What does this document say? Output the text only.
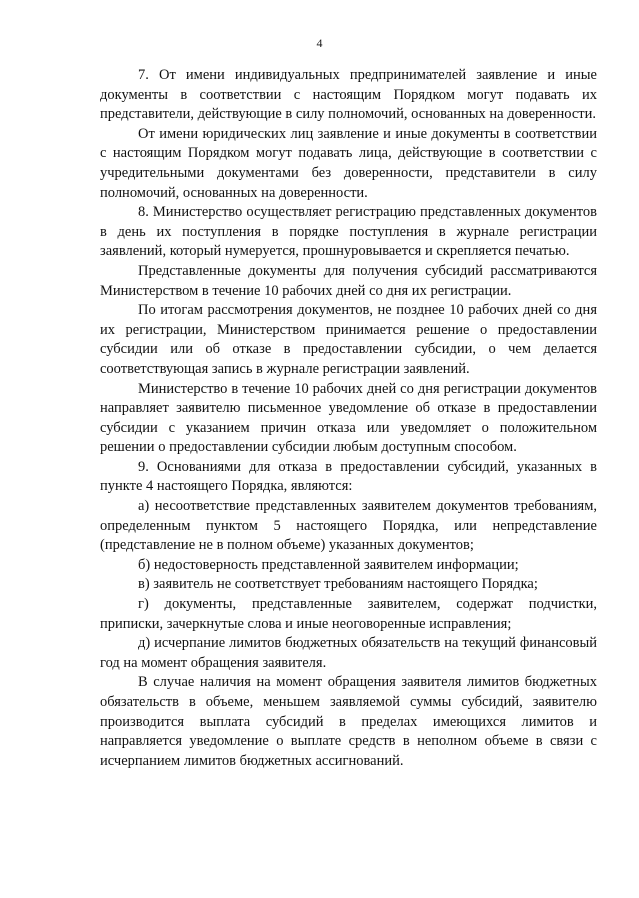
4

7. От имени индивидуальных предпринимателей заявление и иные документы в соответствии с настоящим Порядком могут подавать их представители, действующие в силу полномочий, основанных на доверенности.

От имени юридических лиц заявление и иные документы в соответствии с настоящим Порядком могут подавать лица, действующие в соответствии с учредительными документами без доверенности, представители в силу полномочий, основанных на доверенности.

8. Министерство осуществляет регистрацию представленных документов в день их поступления в порядке поступления в журнале регистрации заявлений, который нумеруется, прошнуровывается и скрепляется печатью.

Представленные документы для получения субсидий рассматриваются Министерством в течение 10 рабочих дней со дня их регистрации.

По итогам рассмотрения документов, не позднее 10 рабочих дней со дня их регистрации, Министерством принимается решение о предоставлении субсидии или об отказе в предоставлении субсидии, о чем делается соответствующая запись в журнале регистрации заявлений.

Министерство в течение 10 рабочих дней со дня регистрации документов направляет заявителю письменное уведомление об отказе в предоставлении субсидии с указанием причин отказа или уведомляет о положительном решении о предоставлении субсидии любым доступным способом.

9. Основаниями для отказа в предоставлении субсидий, указанных в пункте 4 настоящего Порядка, являются:

а) несоответствие представленных заявителем документов требованиям, определенным пунктом 5 настоящего Порядка, или непредставление (представление не в полном объеме) указанных документов;

б) недостоверность представленной заявителем информации;

в) заявитель не соответствует требованиям настоящего Порядка;

г) документы, представленные заявителем, содержат подчистки, приписки, зачеркнутые слова и иные неоговоренные исправления;

д) исчерпание лимитов бюджетных обязательств на текущий финансовый год на момент обращения заявителя.

В случае наличия на момент обращения заявителя лимитов бюджетных обязательств в объеме, меньшем заявляемой суммы субсидий, заявителю производится выплата субсидий в пределах имеющихся лимитов и направляется уведомление о выплате средств в неполном объеме в связи с исчерпанием лимитов бюджетных ассигнований.
